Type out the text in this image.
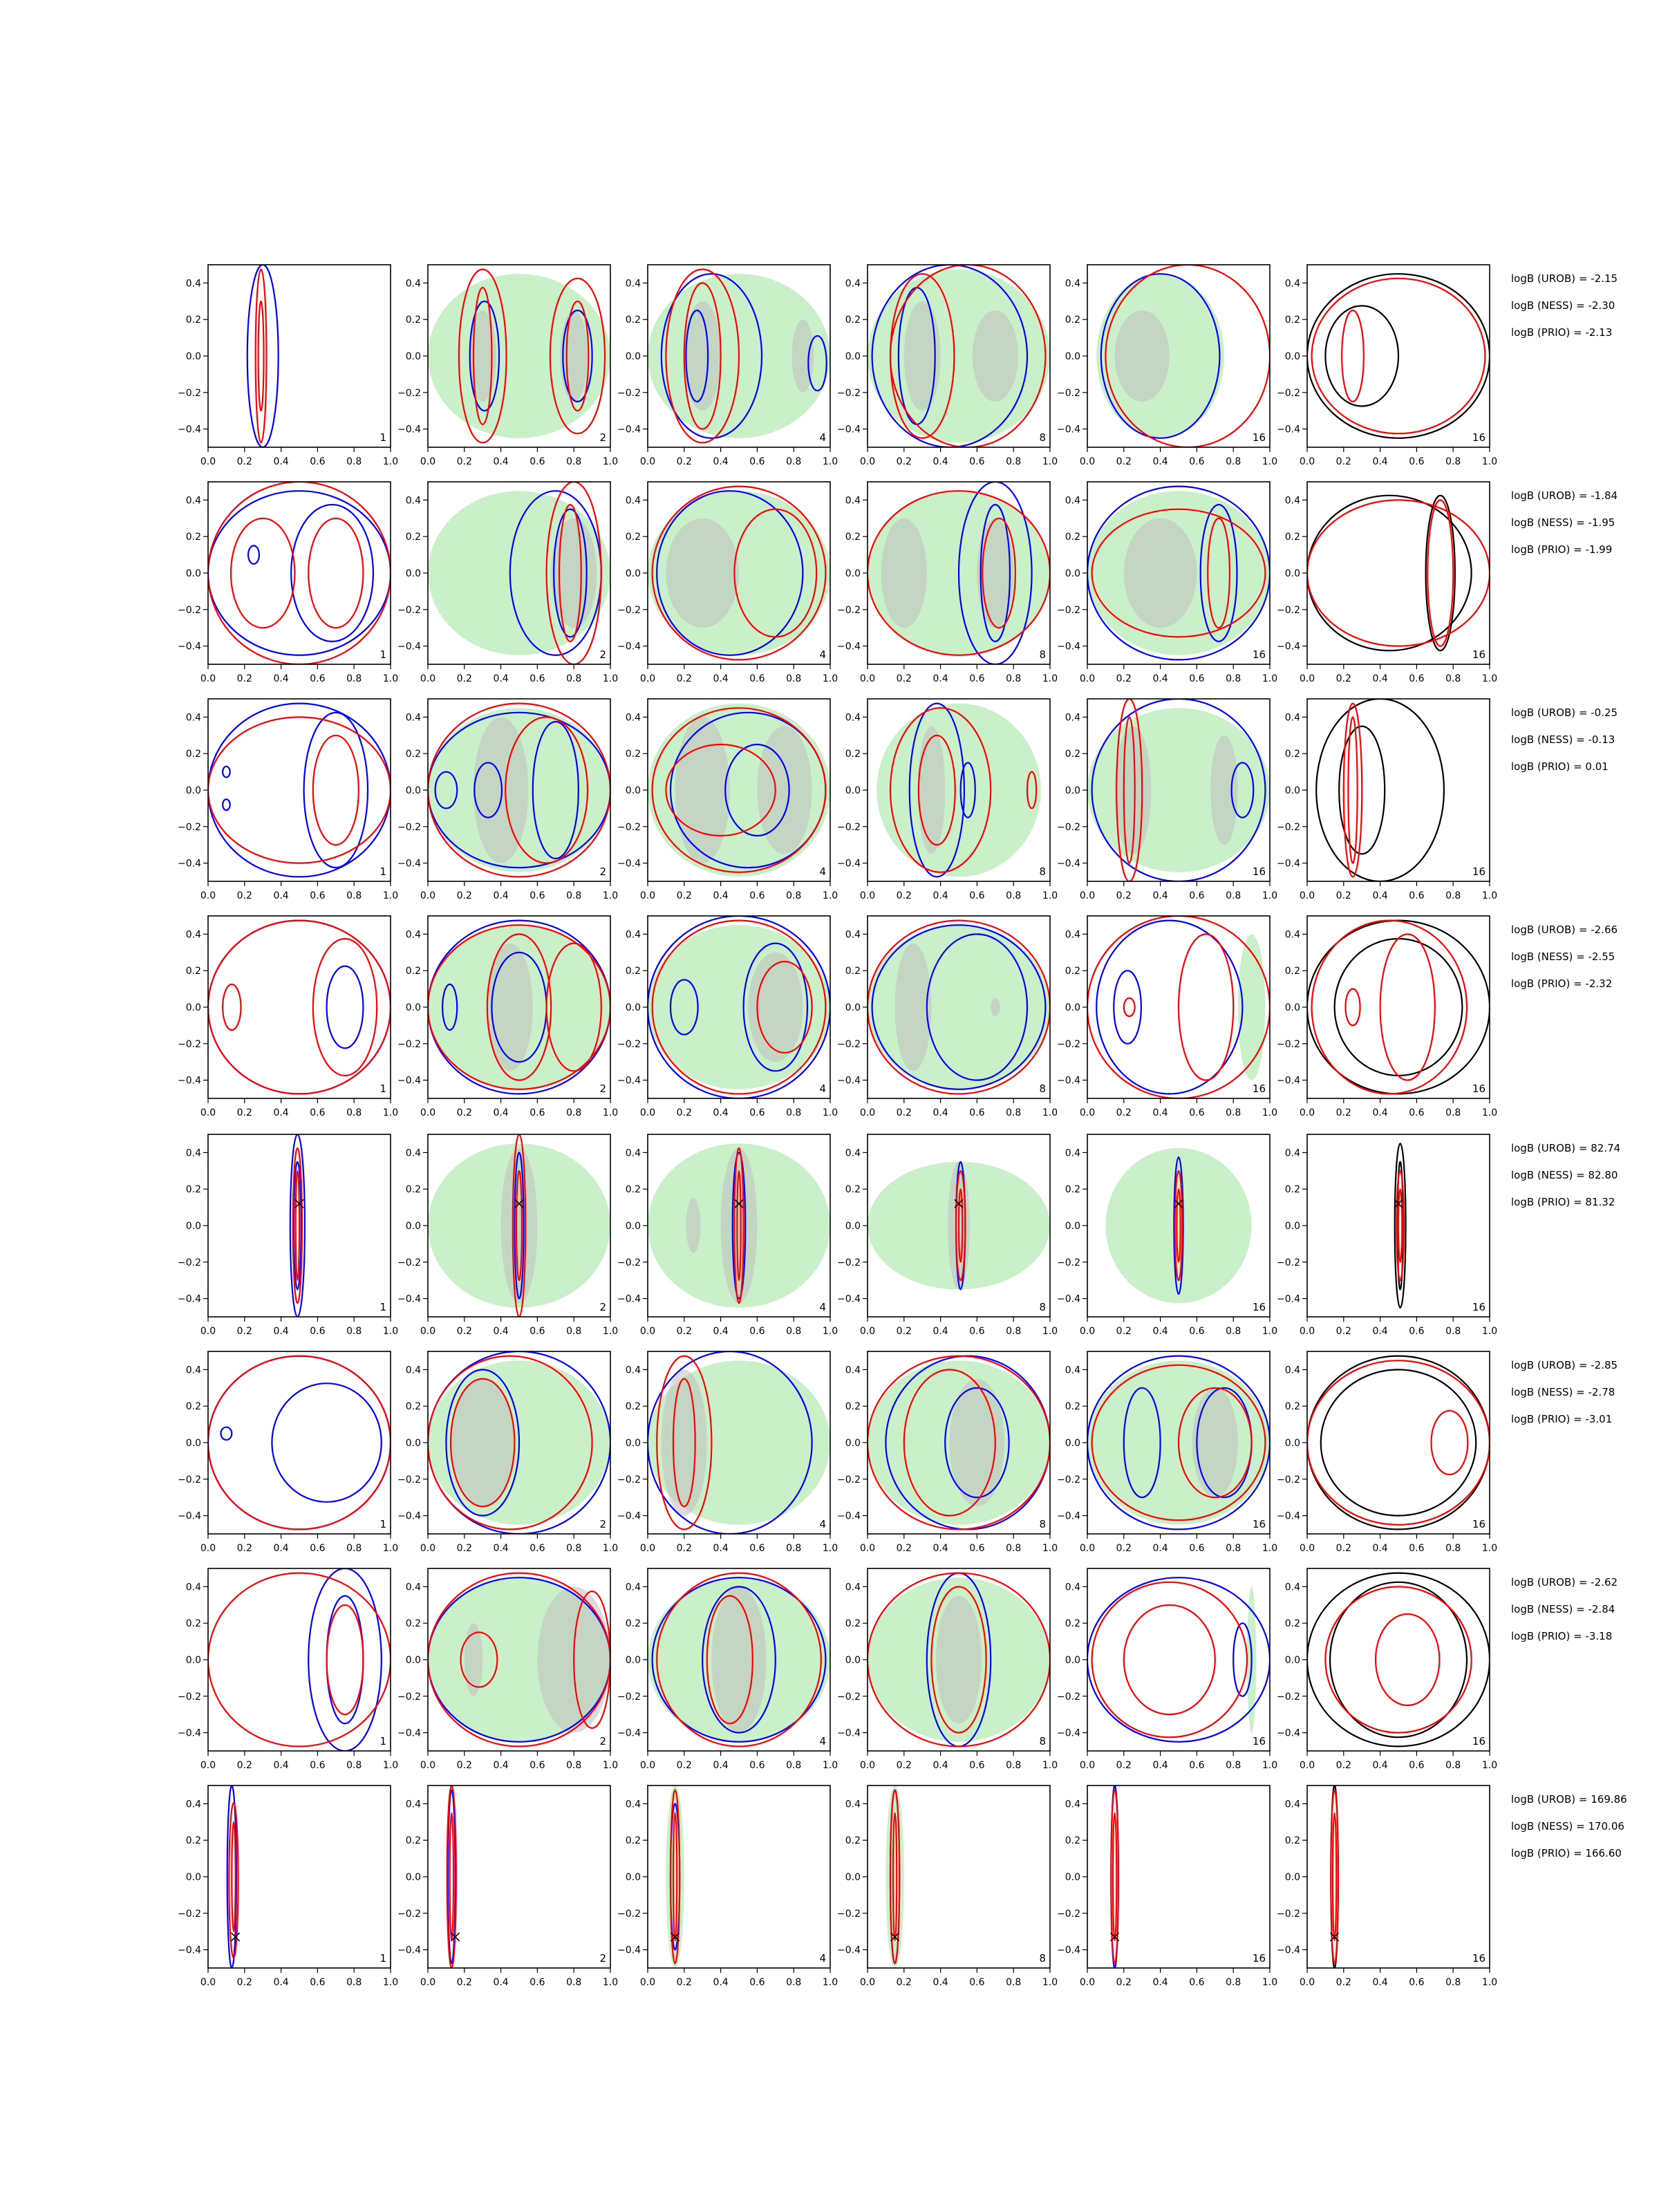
0.0 0.2 0.4 0.6 0.8 1.0
−0.4
−0.2
0.0
0.2
0.4
1
0.0 0.2 0.4 0.6 0.8 1.0
−0.4
−0.2
0.0
0.2
0.4
2
0.0 0.2 0.4 0.6 0.8 1.0
−0.4
−0.2
0.0
0.2
0.4
4
0.0 0.2 0.4 0.6 0.8 1.0
−0.4
−0.2
0.0
0.2
0.4
8
0.0 0.2 0.4 0.6 0.8 1.0
−0.4
−0.2
0.0
0.2
0.4
16
0.0 0.2 0.4 0.6 0.8 1.0
−0.4
−0.2
0.0
0.2
0.4
16
logB (UROB) = -2.15
logB (NESS) = -2.30
logB (PRIO) = -2.13
0.0 0.2 0.4 0.6 0.8 1.0
−0.4
−0.2
0.0
0.2
0.4
1
0.0 0.2 0.4 0.6 0.8 1.0
−0.4
−0.2
0.0
0.2
0.4
2
0.0 0.2 0.4 0.6 0.8 1.0
−0.4
−0.2
0.0
0.2
0.4
4
0.0 0.2 0.4 0.6 0.8 1.0
−0.4
−0.2
0.0
0.2
0.4
8
0.0 0.2 0.4 0.6 0.8 1.0
−0.4
−0.2
0.0
0.2
0.4
16
0.0 0.2 0.4 0.6 0.8 1.0
−0.4
−0.2
0.0
0.2
0.4
16
logB (UROB) = -1.84
logB (NESS) = -1.95
logB (PRIO) = -1.99
0.0 0.2 0.4 0.6 0.8 1.0
−0.4
−0.2
0.0
0.2
0.4
1
0.0 0.2 0.4 0.6 0.8 1.0
−0.4
−0.2
0.0
0.2
0.4
2
0.0 0.2 0.4 0.6 0.8 1.0
−0.4
−0.2
0.0
0.2
0.4
4
0.0 0.2 0.4 0.6 0.8 1.0
−0.4
−0.2
0.0
0.2
0.4
8
0.0 0.2 0.4 0.6 0.8 1.0
−0.4
−0.2
0.0
0.2
0.4
16
0.0 0.2 0.4 0.6 0.8 1.0
−0.4
−0.2
0.0
0.2
0.4
16
logB (UROB) = -0.25
logB (NESS) = -0.13
logB (PRIO) = 0.01
0.0 0.2 0.4 0.6 0.8 1.0
−0.4
−0.2
0.0
0.2
0.4
1
0.0 0.2 0.4 0.6 0.8 1.0
−0.4
−0.2
0.0
0.2
0.4
2
0.0 0.2 0.4 0.6 0.8 1.0
−0.4
−0.2
0.0
0.2
0.4
4
0.0 0.2 0.4 0.6 0.8 1.0
−0.4
−0.2
0.0
0.2
0.4
8
0.0 0.2 0.4 0.6 0.8 1.0
−0.4
−0.2
0.0
0.2
0.4
16
0.0 0.2 0.4 0.6 0.8 1.0
−0.4
−0.2
0.0
0.2
0.4
16
logB (UROB) = -2.66
logB (NESS) = -2.55
logB (PRIO) = -2.32
0.0 0.2 0.4 0.6 0.8 1.0
−0.4
−0.2
0.0
0.2
0.4
1
0.0 0.2 0.4 0.6 0.8 1.0
−0.4
−0.2
0.0
0.2
0.4
2
0.0 0.2 0.4 0.6 0.8 1.0
−0.4
−0.2
0.0
0.2
0.4
4
0.0 0.2 0.4 0.6 0.8 1.0
−0.4
−0.2
0.0
0.2
0.4
8
0.0 0.2 0.4 0.6 0.8 1.0
−0.4
−0.2
0.0
0.2
0.4
16
0.0 0.2 0.4 0.6 0.8 1.0
−0.4
−0.2
0.0
0.2
0.4
16
logB (UROB) = 82.74
logB (NESS) = 82.80
logB (PRIO) = 81.32
0.0 0.2 0.4 0.6 0.8 1.0
−0.4
−0.2
0.0
0.2
0.4
1
0.0 0.2 0.4 0.6 0.8 1.0
−0.4
−0.2
0.0
0.2
0.4
2
0.0 0.2 0.4 0.6 0.8 1.0
−0.4
−0.2
0.0
0.2
0.4
4
0.0 0.2 0.4 0.6 0.8 1.0
−0.4
−0.2
0.0
0.2
0.4
8
0.0 0.2 0.4 0.6 0.8 1.0
−0.4
−0.2
0.0
0.2
0.4
16
0.0 0.2 0.4 0.6 0.8 1.0
−0.4
−0.2
0.0
0.2
0.4
16
logB (UROB) = -2.85
logB (NESS) = -2.78
logB (PRIO) = -3.01
0.0 0.2 0.4 0.6 0.8 1.0
−0.4
−0.2
0.0
0.2
0.4
1
0.0 0.2 0.4 0.6 0.8 1.0
−0.4
−0.2
0.0
0.2
0.4
2
0.0 0.2 0.4 0.6 0.8 1.0
−0.4
−0.2
0.0
0.2
0.4
4
0.0 0.2 0.4 0.6 0.8 1.0
−0.4
−0.2
0.0
0.2
0.4
8
0.0 0.2 0.4 0.6 0.8 1.0
−0.4
−0.2
0.0
0.2
0.4
16
0.0 0.2 0.4 0.6 0.8 1.0
−0.4
−0.2
0.0
0.2
0.4
16
logB (UROB) = -2.62
logB (NESS) = -2.84
logB (PRIO) = -3.18
0.0 0.2 0.4 0.6 0.8 1.0
−0.4
−0.2
0.0
0.2
0.4
1
0.0 0.2 0.4 0.6 0.8 1.0
−0.4
−0.2
0.0
0.2
0.4
2
0.0 0.2 0.4 0.6 0.8 1.0
−0.4
−0.2
0.0
0.2
0.4
4
0.0 0.2 0.4 0.6 0.8 1.0
−0.4
−0.2
0.0
0.2
0.4
8
0.0 0.2 0.4 0.6 0.8 1.0
−0.4
−0.2
0.0
0.2
0.4
16
0.0 0.2 0.4 0.6 0.8 1.0
−0.4
−0.2
0.0
0.2
0.4
16
logB (UROB) = 169.86
logB (NESS) = 170.06
logB (PRIO) = 166.60
